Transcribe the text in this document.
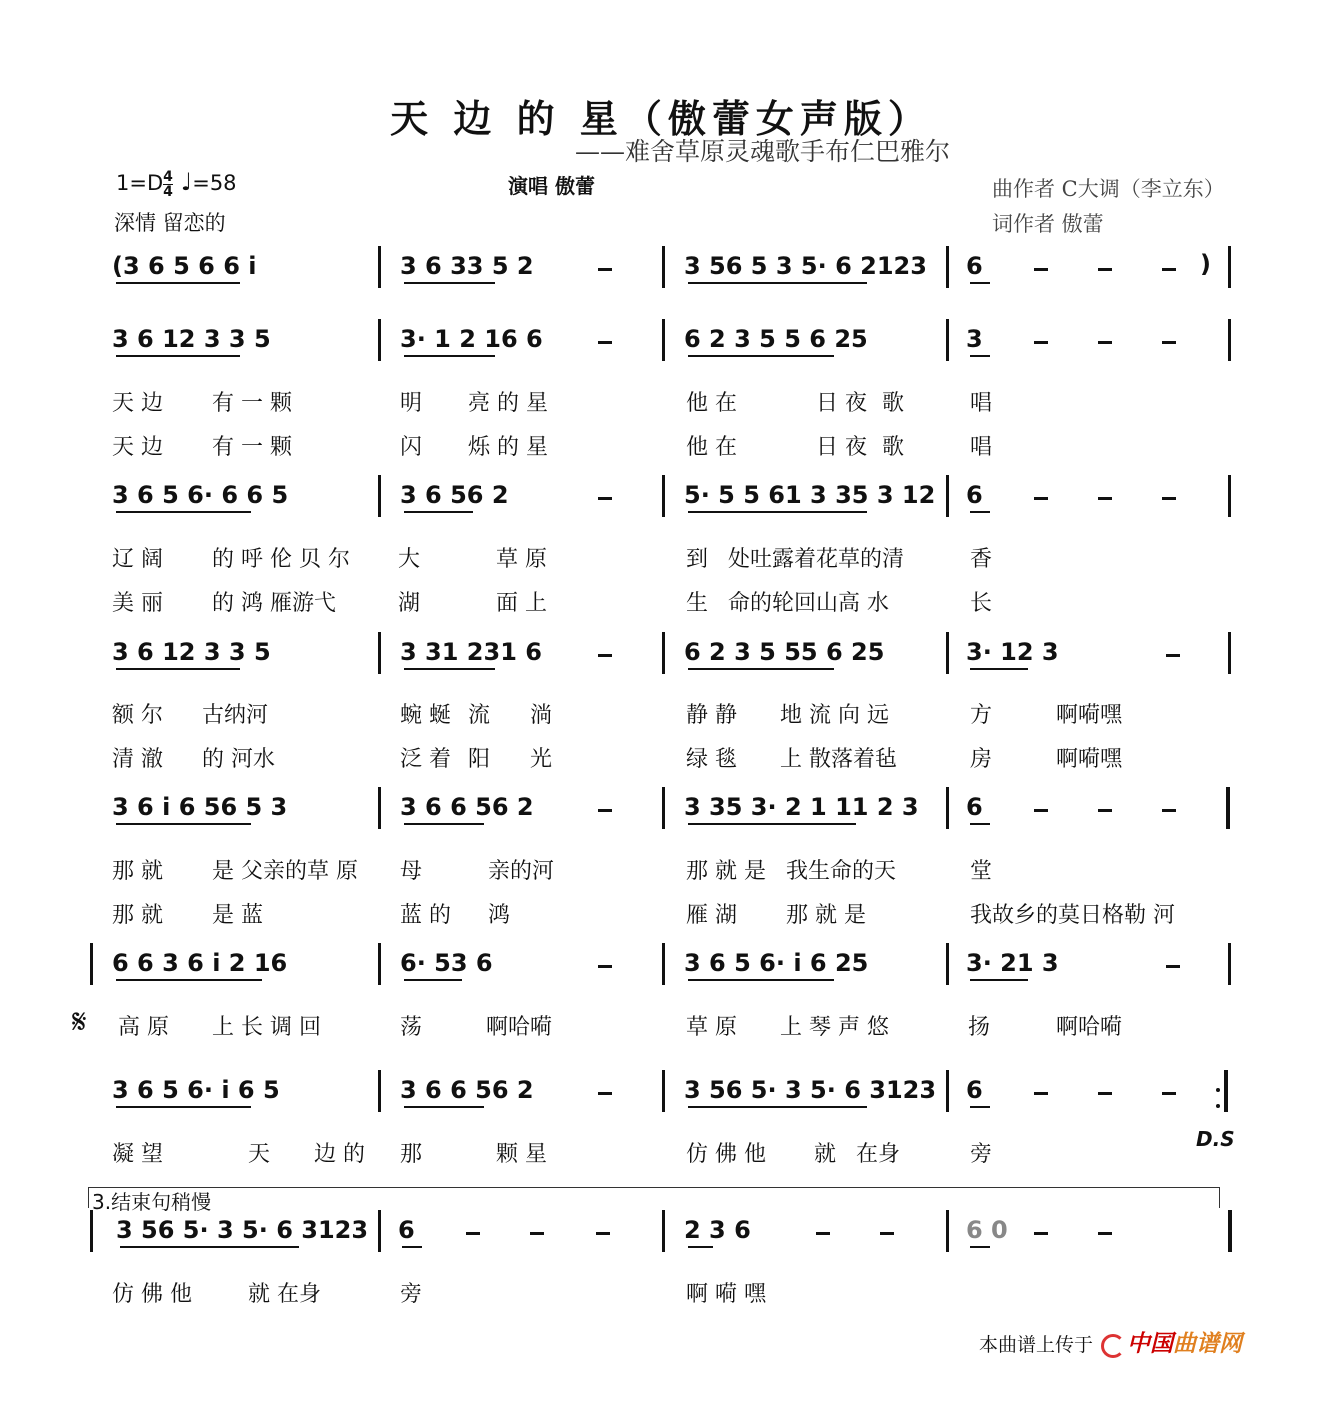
天 边 的 星（傲蕾女声版）
——难舍草原灵魂歌手布仁巴雅尔
$1=D \frac{4}{4}$ ♩=58
深情 留恋的
演唱 傲蕾	曲作者 C大调（李立东）
词作者 傲蕾
(3 6 5 6 6 i	3 6 33 5 2	3 56 5 3 5· 6 2123 6
3 6 12 3 3 5	3· 1 2 16 6	6 2 3 5 5 6 25	3
天 边 有 一 颗	明 亮 的 星	他 在	日 夜 歌	唱
天 边 有 一 颗	闪 烁 的 星	他 在	日 夜 歌	唱
3 6 5 6· 6 6 5	3 6 56 2	5· 5 5 61 3 35 3 12 6
辽 阔 的 呼 伦 贝 尔 大	草 原	到 处吐露着花草的清	香
美 丽 的 鸿 雁游弋	湖	面 上	生 命的轮回山高 水	长
3 6 12 3 3 5	3 31 231 6	6 2 3 5 55 6 25	3· 12 3
额 尔 古纳河	蜿 蜒 流 淌	静 静 地 流 向 远	方	啊嗬嘿
清 澈 的 河水	泛 着 阳 光	绿 毯 上 散落着毡	房	啊嗬嘿
3 6 i 6 56 5 3	3 6 6 56 2	3 35 3· 2 1 11 2 3 6
那 就 是 父亲的草 原 母	亲的河	那 就 是 我生命的天	堂
那 就 是 蓝	蓝 的 鸿	雁 湖 那 就 是	我故乡的莫日格勒 河
6 6 3 6 i 2 16	6· 53 6	3 6 5 6· i 6 25	3· 21 3
高 原 上 长 调 回	荡	啊哈嗬	草 原 上 琴 声 悠	扬	啊哈嗬
3 6 5 6· i 6 5	3 6 6 56 2	3 56 5· 3 5· 6 3123 6
凝 望	天 边 的 那	颗 星	仿 佛 他 就 在身	旁
3 56 5· 3 5· 6 3123 6	2 3 6	6 0
仿 佛 他	就 在身	旁	啊 嗬 嘿
)
D.S
𝄋
3.结束句稍慢
本曲谱上传于 中国曲谱网
